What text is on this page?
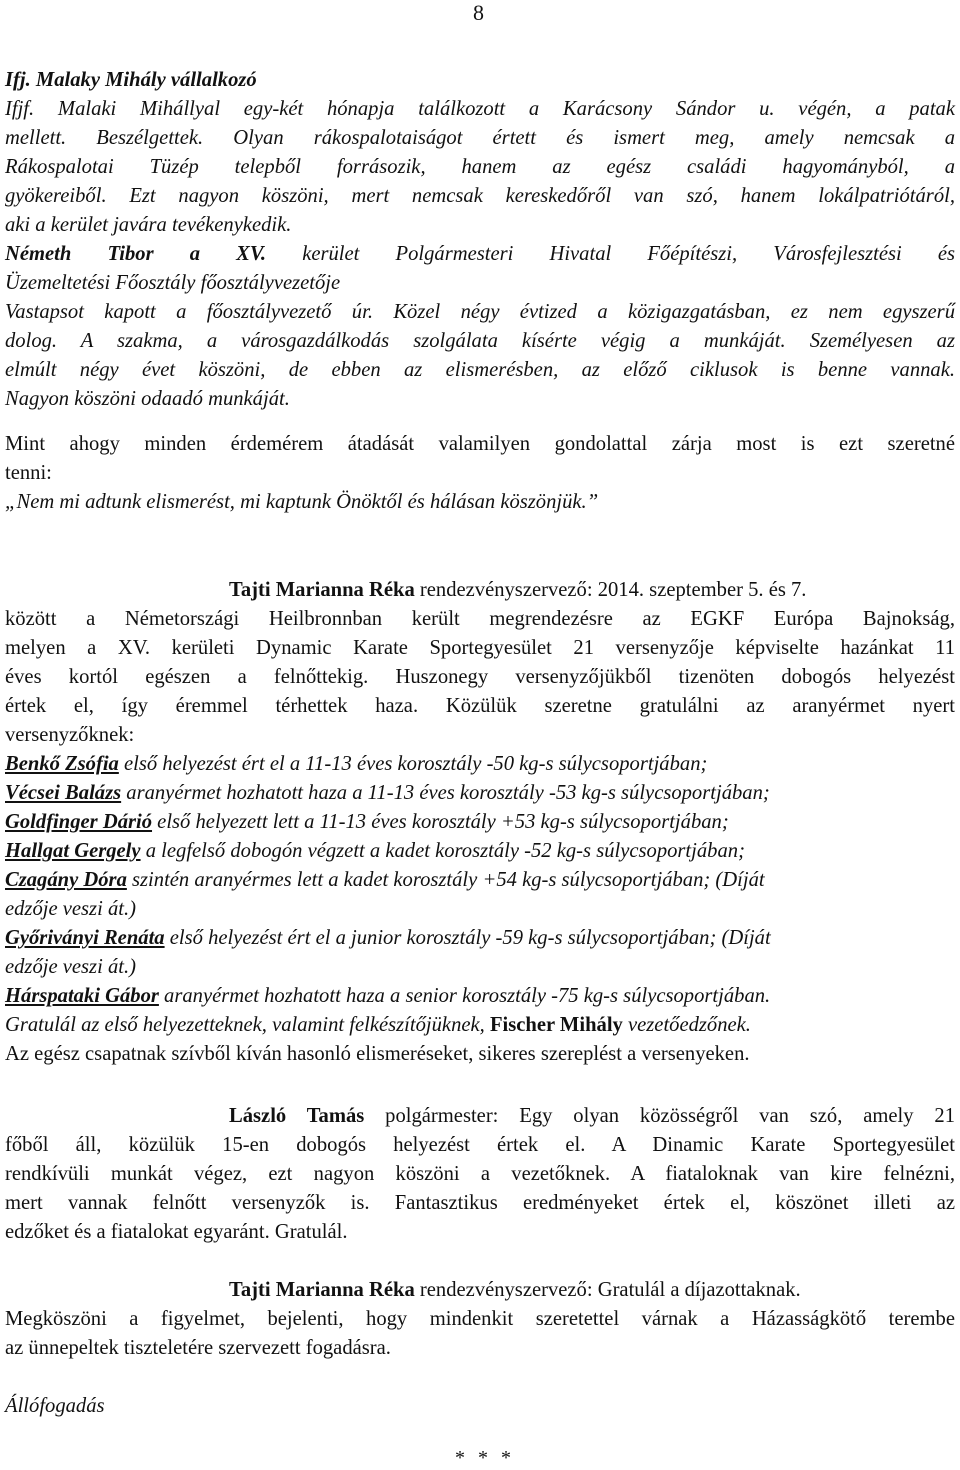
8
Ifj. Malaky Mihály vállalkozó
Ifjf. Malaki Mihállyal egy-két hónapja találkozott a Karácsony Sándor u. végén, a patak
mellett. Beszélgettek. Olyan rákospalotaiságot értett és ismert meg, amely nemcsak a
Rákospalotai Tüzép telepből forrásozik, hanem az egész családi hagyományból, a
gyökereiből. Ezt nagyon köszöni, mert nemcsak kereskedőről van szó, hanem lokálpatriótáról,
aki a kerület javára tevékenykedik.
Németh Tibor a XV. kerület Polgármesteri Hivatal Főépítészi, Városfejlesztési és
Üzemeltetési Főosztály főosztályvezetője
Vastapsot kapott a főosztályvezető úr. Közel négy évtized a közigazgatásban, ez nem egyszerű
dolog. A szakma, a városgazdálkodás szolgálata kísérte végig a munkáját. Személyesen az
elmúlt négy évet köszöni, de ebben az elismerésben, az előző ciklusok is benne vannak.
Nagyon köszöni odaadó munkáját.
Mint ahogy minden érdemérem átadását valamilyen gondolattal zárja most is ezt szeretné
tenni:
„Nem mi adtunk elismerést, mi kaptunk Önöktől és hálásan köszönjük.”
Tajti Marianna Réka rendezvényszervező: 2014. szeptember 5. és 7.
között a Németországi Heilbronnban került megrendezésre az EGKF Európa Bajnokság,
melyen a XV. kerületi Dynamic Karate Sportegyesület 21 versenyzője képviselte hazánkat 11
éves kortól egészen a felnőttekig. Huszonegy versenyzőjükből tizenöten dobogós helyezést
értek el, így éremmel térhettek haza. Közülük szeretne gratulálni az aranyérmet nyert
versenyzőknek:
Benkő Zsófia első helyezést ért el a 11-13 éves korosztály -50 kg-s súlycsoportjában;
Vécsei Balázs aranyérmet hozhatott haza a 11-13 éves korosztály -53 kg-s súlycsoportjában;
Goldfinger Dárió első helyezett lett a 11-13 éves korosztály +53 kg-s súlycsoportjában;
Hallgat Gergely a legfelső dobogón végzett a kadet korosztály -52 kg-s súlycsoportjában;
Czagány Dóra szintén aranyérmes lett a kadet korosztály +54 kg-s súlycsoportjában; (Díját
edzője veszi át.)
Győriványi Renáta első helyezést ért el a junior korosztály -59 kg-s súlycsoportjában; (Díját
edzője veszi át.)
Hárspataki Gábor aranyérmet hozhatott haza a senior korosztály -75 kg-s súlycsoportjában.
Gratulál az első helyezetteknek, valamint felkészítőjüknek, Fischer Mihály vezetőedzőnek.
Az egész csapatnak szívből kíván hasonló elismeréseket, sikeres szereplést a versenyeken.
László Tamás polgármester: Egy olyan közösségről van szó, amely 21
főből áll, közülük 15-en dobogós helyezést értek el. A Dinamic Karate Sportegyesület
rendkívüli munkát végez, ezt nagyon köszöni a vezetőknek. A fiataloknak van kire felnézni,
mert vannak felnőtt versenyzők is. Fantasztikus eredményeket értek el, köszönet illeti az
edzőket és a fiatalokat egyaránt. Gratulál.
Tajti Marianna Réka rendezvényszervező: Gratulál a díjazottaknak.
Megköszöni a figyelmet, bejelenti, hogy mindenkit szeretettel várnak a Házasságkötő terembe
az ünnepeltek tiszteletére szervezett fogadásra.
Állófogadás
* * *
